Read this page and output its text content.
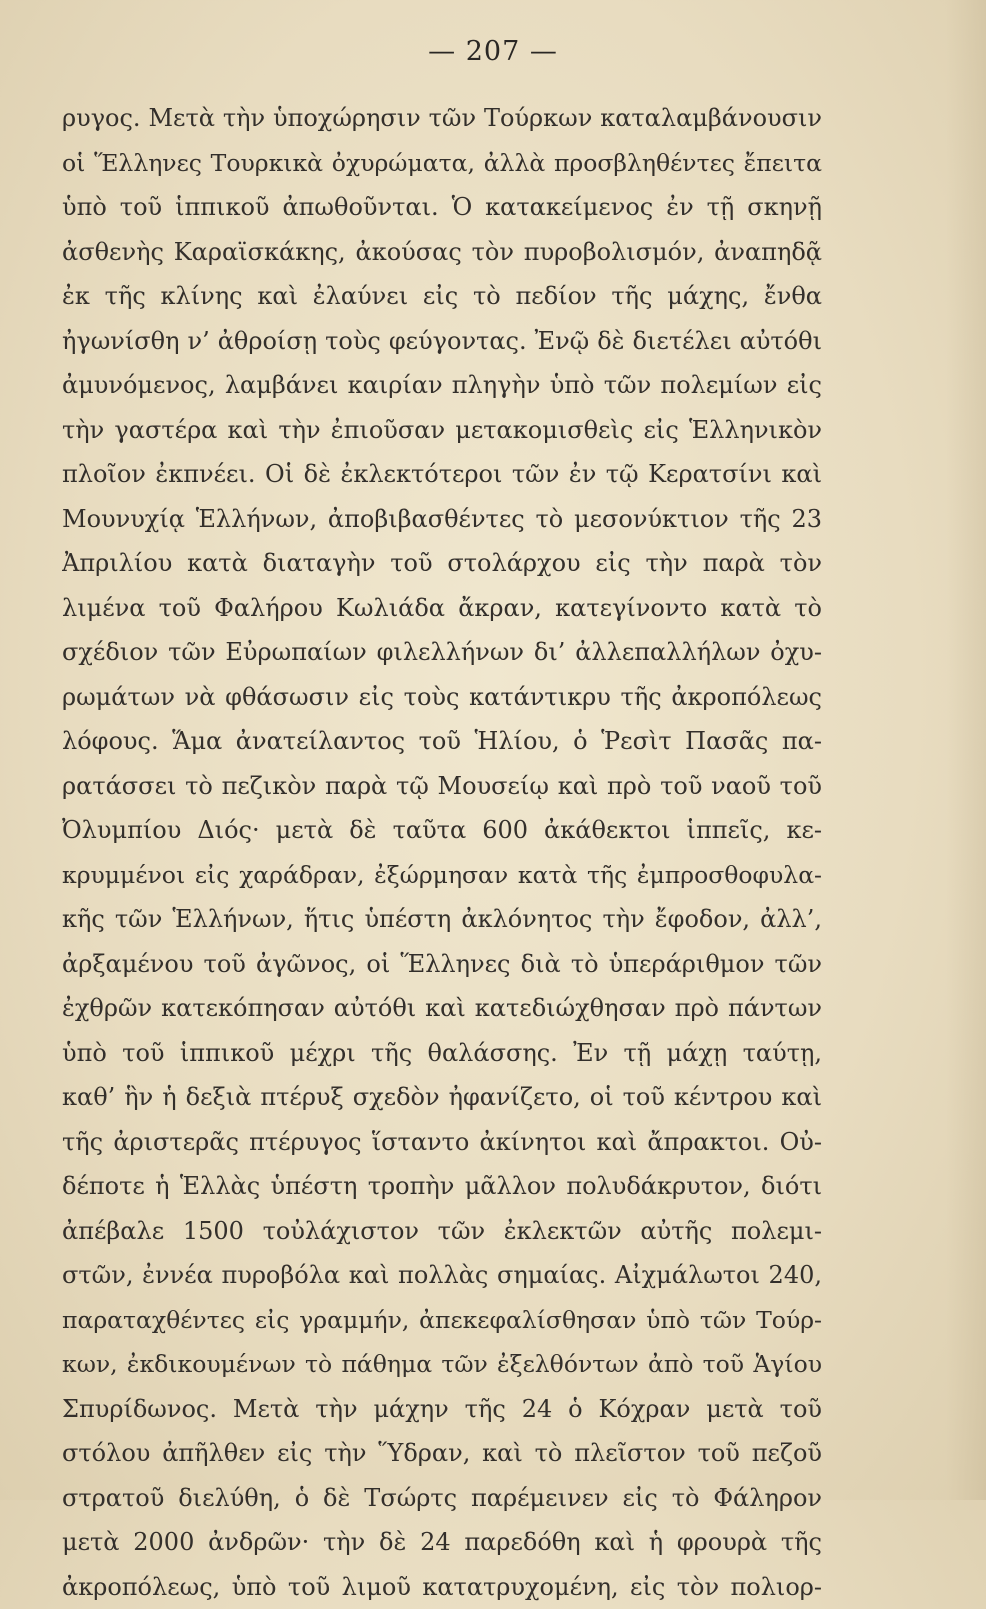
— 207 —
ρυγος. Μετὰ τὴν ὑποχώρησιν τῶν Τούρκων καταλαμβάνουσιν
οἱ Ἕλληνες Τουρκικὰ ὀχυρώματα, ἀλλὰ προσβληθέντες ἔπειτα
ὑπὸ τοῦ ἱππικοῦ ἀπωθοῦνται. Ὁ κατακείμενος ἐν τῇ σκηνῇ
ἀσθενὴς Καραϊσκάκης, ἀκούσας τὸν πυροβολισμόν, ἀναπηδᾷ
ἐκ τῆς κλίνης καὶ ἐλαύνει εἰς τὸ πεδίον τῆς μάχης, ἔνθα
ἠγωνίσθη ν’ ἀθροίσῃ τοὺς φεύγοντας. Ἐνῷ δὲ διετέλει αὐτόθι
ἀμυνόμενος, λαμβάνει καιρίαν πληγὴν ὑπὸ τῶν πολεμίων εἰς
τὴν γαστέρα καὶ τὴν ἐπιοῦσαν μετακομισθεὶς εἰς Ἑλληνικὸν
πλοῖον ἐκπνέει. Οἱ δὲ ἐκλεκτότεροι τῶν ἐν τῷ Κερατσίνι καὶ
Μουνυχίᾳ Ἑλλήνων, ἀποβιβασθέντες τὸ μεσονύκτιον τῆς 23
Ἀπριλίου κατὰ διαταγὴν τοῦ στολάρχου εἰς τὴν παρὰ τὸν
λιμένα τοῦ Φαλήρου Κωλιάδα ἄκραν, κατεγίνοντο κατὰ τὸ
σχέδιον τῶν Εὐρωπαίων φιλελλήνων δι’ ἀλλεπαλλήλων ὀχυ-
ρωμάτων νὰ φθάσωσιν εἰς τοὺς κατάντικρυ τῆς ἀκροπόλεως
λόφους. Ἅμα ἀνατείλαντος τοῦ Ἡλίου, ὁ Ῥεσὶτ Πασᾶς πα-
ρατάσσει τὸ πεζικὸν παρὰ τῷ Μουσείῳ καὶ πρὸ τοῦ ναοῦ τοῦ
Ὀλυμπίου Διός· μετὰ δὲ ταῦτα 600 ἀκάθεκτοι ἱππεῖς, κε-
κρυμμένοι εἰς χαράδραν, ἐξώρμησαν κατὰ τῆς ἐμπροσθοφυλα-
κῆς τῶν Ἑλλήνων, ἥτις ὑπέστη ἀκλόνητος τὴν ἔφοδον, ἀλλ’,
ἀρξαμένου τοῦ ἀγῶνος, οἱ Ἕλληνες διὰ τὸ ὑπεράριθμον τῶν
ἐχθρῶν κατεκόπησαν αὐτόθι καὶ κατεδιώχθησαν πρὸ πάντων
ὑπὸ τοῦ ἱππικοῦ μέχρι τῆς θαλάσσης. Ἐν τῇ μάχῃ ταύτῃ,
καθ’ ἣν ἡ δεξιὰ πτέρυξ σχεδὸν ἠφανίζετο, οἱ τοῦ κέντρου καὶ
τῆς ἀριστερᾶς πτέρυγος ἵσταντο ἀκίνητοι καὶ ἄπρακτοι. Οὐ-
δέποτε ἡ Ἑλλὰς ὑπέστη τροπὴν μᾶλλον πολυδάκρυτον, διότι
ἀπέβαλε 1500 τοὐλάχιστον τῶν ἐκλεκτῶν αὐτῆς πολεμι-
στῶν, ἐννέα πυροβόλα καὶ πολλὰς σημαίας. Αἰχμάλωτοι 240,
παραταχθέντες εἰς γραμμήν, ἀπεκεφαλίσθησαν ὑπὸ τῶν Τούρ-
κων, ἐκδικουμένων τὸ πάθημα τῶν ἐξελθόντων ἀπὸ τοῦ Ἁγίου
Σπυρίδωνος. Μετὰ τὴν μάχην τῆς 24 ὁ Κόχραν μετὰ τοῦ
στόλου ἀπῆλθεν εἰς τὴν Ὕδραν, καὶ τὸ πλεῖστον τοῦ πεζοῦ
στρατοῦ διελύθη, ὁ δὲ Τσώρτς παρέμεινεν εἰς τὸ Φάληρον
μετὰ 2000 ἀνδρῶν· τὴν δὲ 24 παρεδόθη καὶ ἡ φρουρὰ τῆς
ἀκροπόλεως, ὑπὸ τοῦ λιμοῦ κατατρυχομένη, εἰς τὸν πολιορ-
